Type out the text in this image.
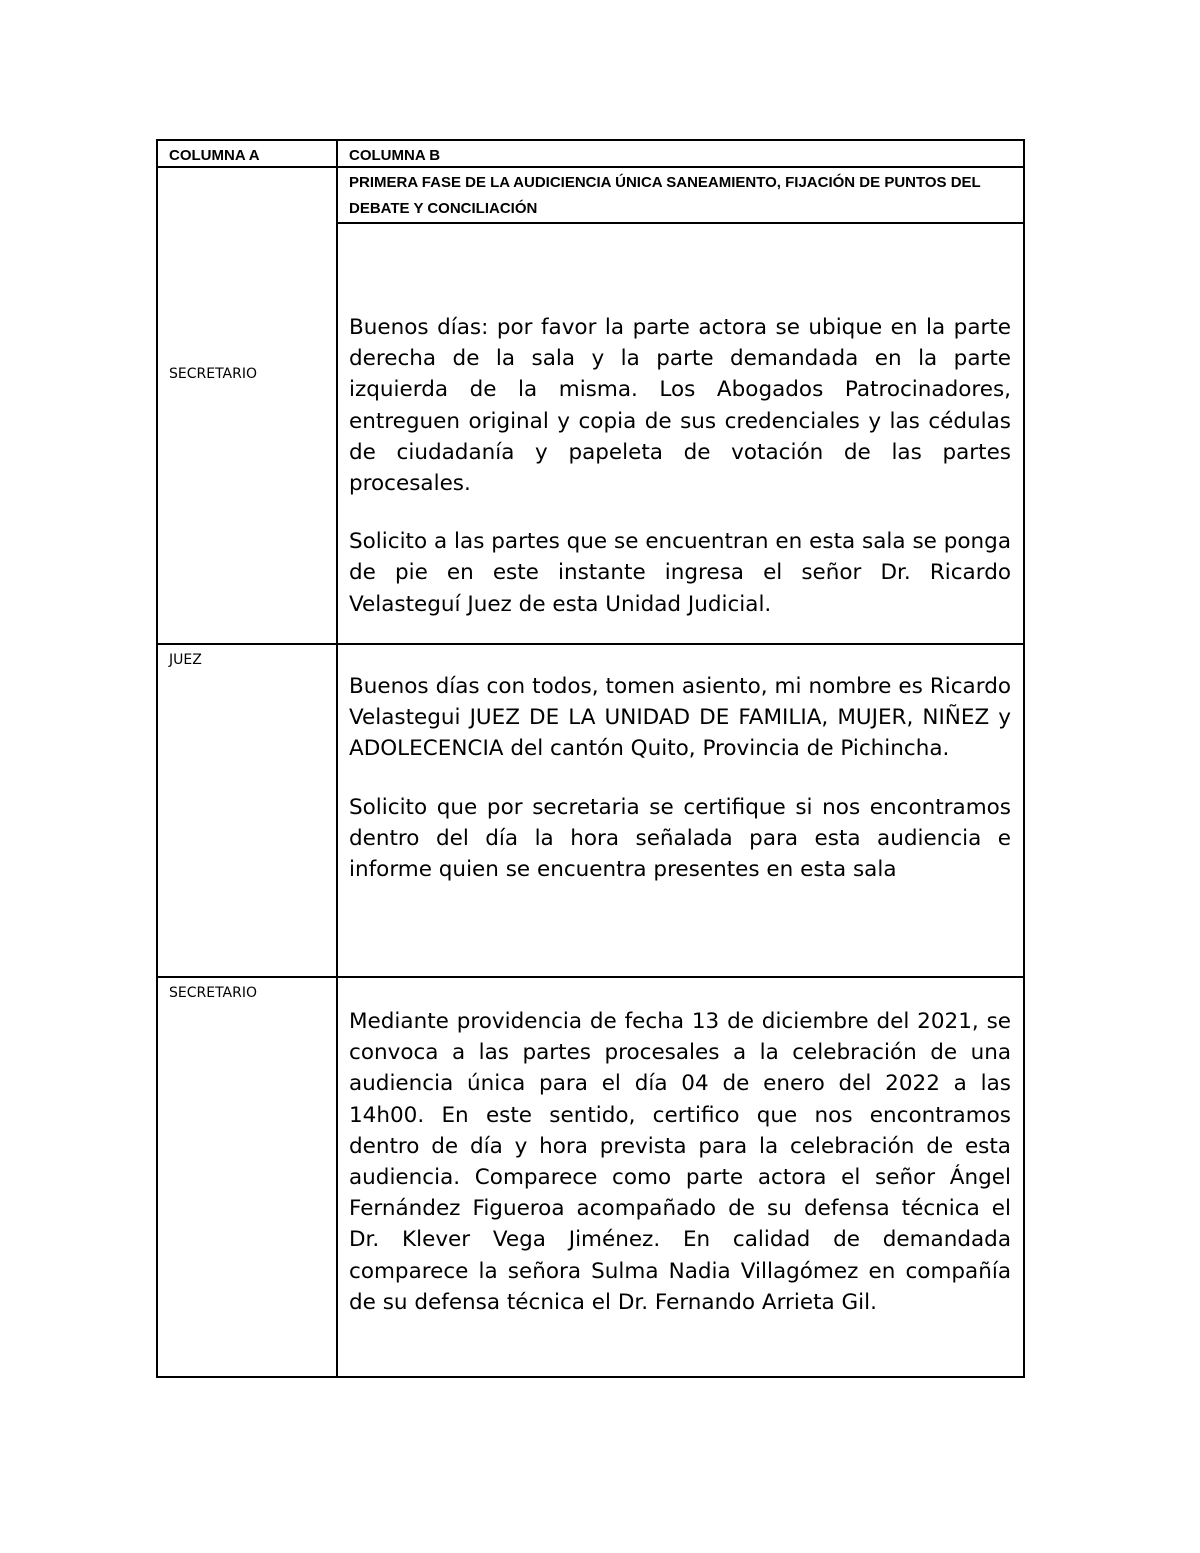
COLUMNA A	COLUMNA B

SECRETARIO	PRIMERA FASE DE LA AUDICIENCIA ÚNICA SANEAMIENTO, FIJACIÓN DE PUNTOS DEL DEBATE Y CONCILIACIÓN

	Buenos días: por favor la parte actora se ubique en la parte derecha de la sala y la parte demandada en la parte izquierda de la misma. Los Abogados Patrocinadores, entreguen original y copia de sus credenciales y las cédulas de ciudadanía y papeleta de votación de las partes procesales.

Solicito a las partes que se encuentran en esta sala se ponga de pie en este instante ingresa el señor Dr. Ricardo Velasteguí Juez de esta Unidad Judicial.

JUEZ	Buenos días con todos, tomen asiento, mi nombre es Ricardo Velastegui JUEZ DE LA UNIDAD DE FAMILIA, MUJER, NIÑEZ y ADOLECENCIA del cantón Quito, Provincia de Pichincha.

Solicito que por secretaria se certifique si nos encontramos dentro del día la hora señalada para esta audiencia e informe quien se encuentra presentes en esta sala

SECRETARIO	Mediante providencia de fecha 13 de diciembre del 2021, se convoca a las partes procesales a la celebración de una audiencia única para el día 04 de enero del 2022 a las 14h00. En este sentido, certifico que nos encontramos dentro de día y hora prevista para la celebración de esta audiencia. Comparece como parte actora el señor Ángel Fernández Figueroa acompañado de su defensa técnica el Dr. Klever Vega Jiménez. En calidad de demandada comparece la señora Sulma Nadia Villagómez en compañía de su defensa técnica el Dr. Fernando Arrieta Gil.
